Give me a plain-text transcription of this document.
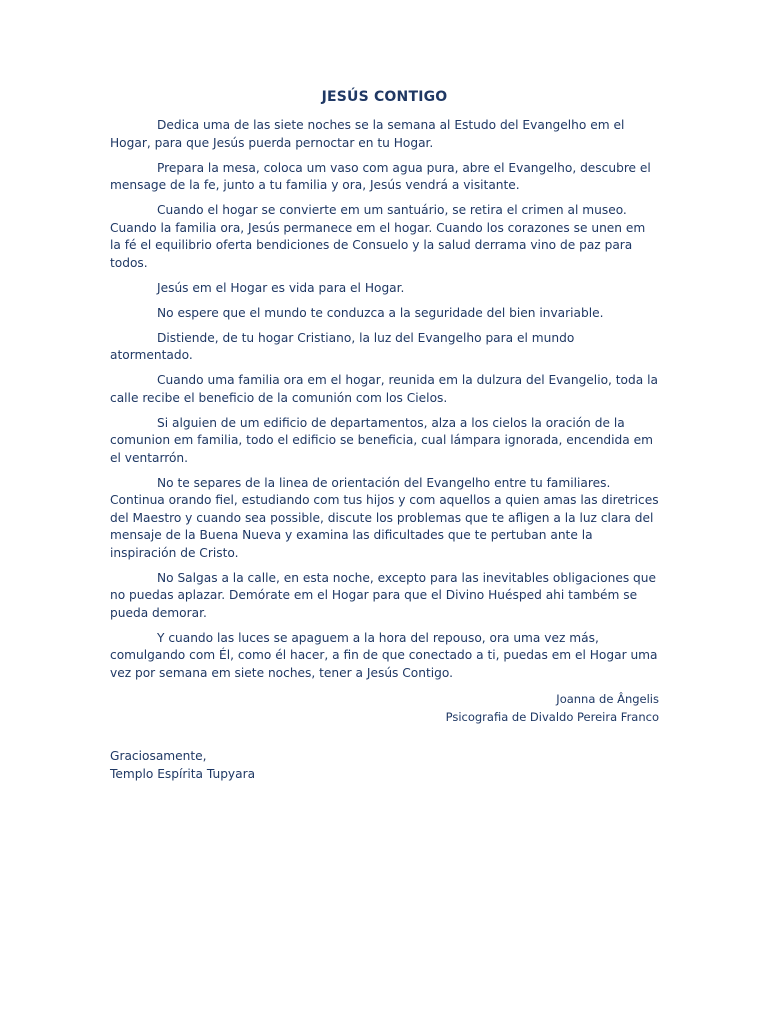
JESÚS CONTIGO

Dedica uma de las siete noches se la semana al Estudo del Evangelho em el Hogar, para que Jesús puerda pernoctar en tu Hogar.

Prepara la mesa, coloca um vaso com agua pura, abre el Evangelho, descubre el mensage de la fe, junto a tu familia y ora, Jesús vendrá a visitante.

Cuando el hogar se convierte em um santuário, se retira el crimen al museo. Cuando la familia ora, Jesús permanece em el hogar. Cuando los corazones se unen em la fé el equilibrio oferta bendiciones de Consuelo y la salud derrama vino de paz para todos.

Jesús em el Hogar es vida para el Hogar.

No espere que el mundo te conduzca a la seguridade del bien invariable.

Distiende, de tu hogar Cristiano, la luz del Evangelho para el mundo atormentado.

Cuando uma familia ora em el hogar, reunida em la dulzura del Evangelio, toda la calle recibe el beneficio de la comunión com los Cielos.

Si alguien de um edificio de departamentos, alza a los cielos la oración de la comunion em familia, todo el edificio se beneficia, cual lámpara ignorada, encendida em el ventarrón.

No te separes de la linea de orientación del Evangelho entre tu familiares. Continua orando fiel, estudiando com tus hijos y com aquellos a quien amas las diretrices del Maestro y cuando sea possible, discute los problemas que te afligen a la luz clara del mensaje de la Buena Nueva y examina las dificultades que te pertuban ante la inspiración de Cristo.

No Salgas a la calle, en esta noche, excepto para las inevitables obligaciones que no puedas aplazar. Demórate em el Hogar para que el Divino Huésped ahi também se pueda demorar.

Y cuando las luces se apaguem a la hora del repouso, ora uma vez más, comulgando com Él, como él hacer, a fin de que conectado a ti, puedas em el Hogar uma vez por semana em siete noches, tener a Jesús Contigo.

Joanna de Ângelis
Psicografia de Divaldo Pereira Franco
Graciosamente,
Templo Espírita Tupyara
